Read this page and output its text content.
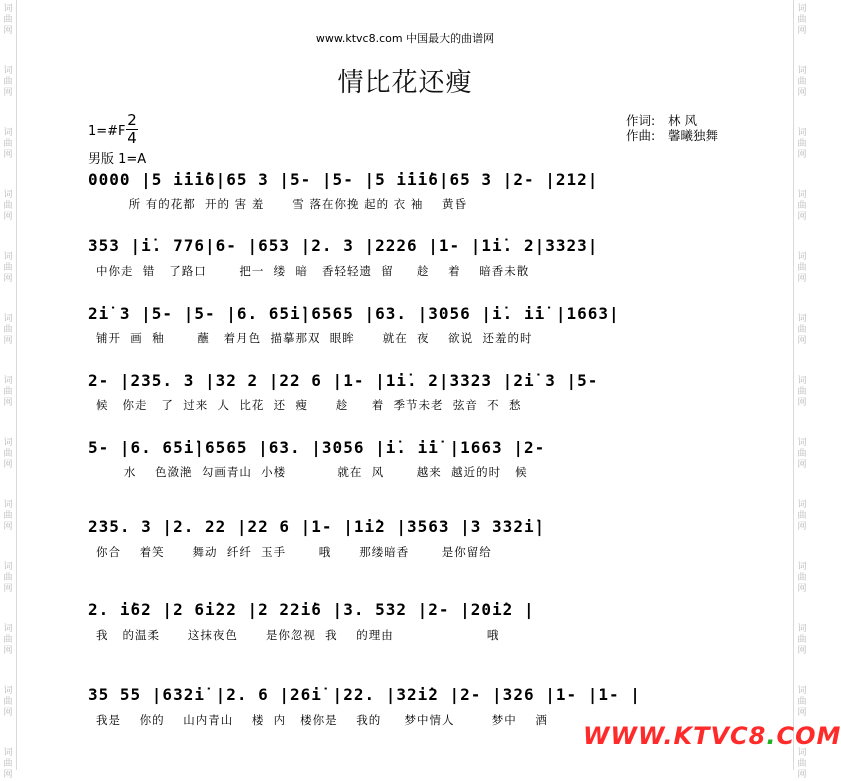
词
曲
网
词
曲
网
词
曲
网
词
曲
网
词
曲
网
词
曲
网
词
曲
网
词
曲
网
词
曲
网
词
曲
网
词
曲
网
词
曲
网
词
曲
网
词
曲
网
词
曲
网
词
曲
网
词
曲
网
词
曲
网
词
曲
网
词
曲
网
词
曲
网
词
曲
网
词
曲
网
词
曲
网
词
曲
网
词
曲
网
www.ktvc8.com 中国最大的曲谱网
情比花还瘦
1=#F
2
4
作词:	林 风
作曲:	馨曦独舞
男版 1=A
0000 |5 i̇i̇i̇6|65 3 |5- |5- |5 i̇i̇i̇6|65 3 |2- |212|
所 有的花都  开的 害 羞      雪 落在你挽 起的 衣 袖    黄昏
353 |i̇. 776|6- |653 |2. 3 |2226 |1- |1i̇. 2|3323|
中你走  错   了路口       把一  缕  暗   香轻轻遗  留     趁    着    暗香未散
2i̇ 3 |5- |5- |6. 65i̇|6565 |63. |3056 |i̇. i̇i̇ |1663|
铺开  画  釉       蘸   着月色  描摹那双  眼眸      就在  夜    欲说  还羞的时
2- |235. 3 |32 2 |22 6 |1- |1i̇. 2|3323 |2i̇ 3 |5-
候   你走   了  过来  人  比花  还  瘦      趁     着  季节未老  弦音  不  愁
5- |6. 65i̇|6565 |63. |3056 |i̇. i̇i̇ |1663 |2-
水    色潋滟  勾画青山  小楼           就在  风       越来  越近的时   候
235. 3 |2. 22 |22 6 |1- |1i̇2 |3563 |3 332i̇|
你合    着笑      舞动  纤纤  玉手       哦      那缕暗香       是你留给
2. i̇62 |2 6i̇22 |2 22i̇6 |3. 532 |2- |20i̇2 |
我   的温柔      这抹夜色      是你忽视  我    的理由                    哦
35 55 |632i̇ |2. 6 |26i̇ |22. |32i̇2 |2- |326 |1- |1- |
我是    你的    山内青山    楼  内   楼你是    我的     梦中情人        梦中    酒
WWW.KTVC8.COM
